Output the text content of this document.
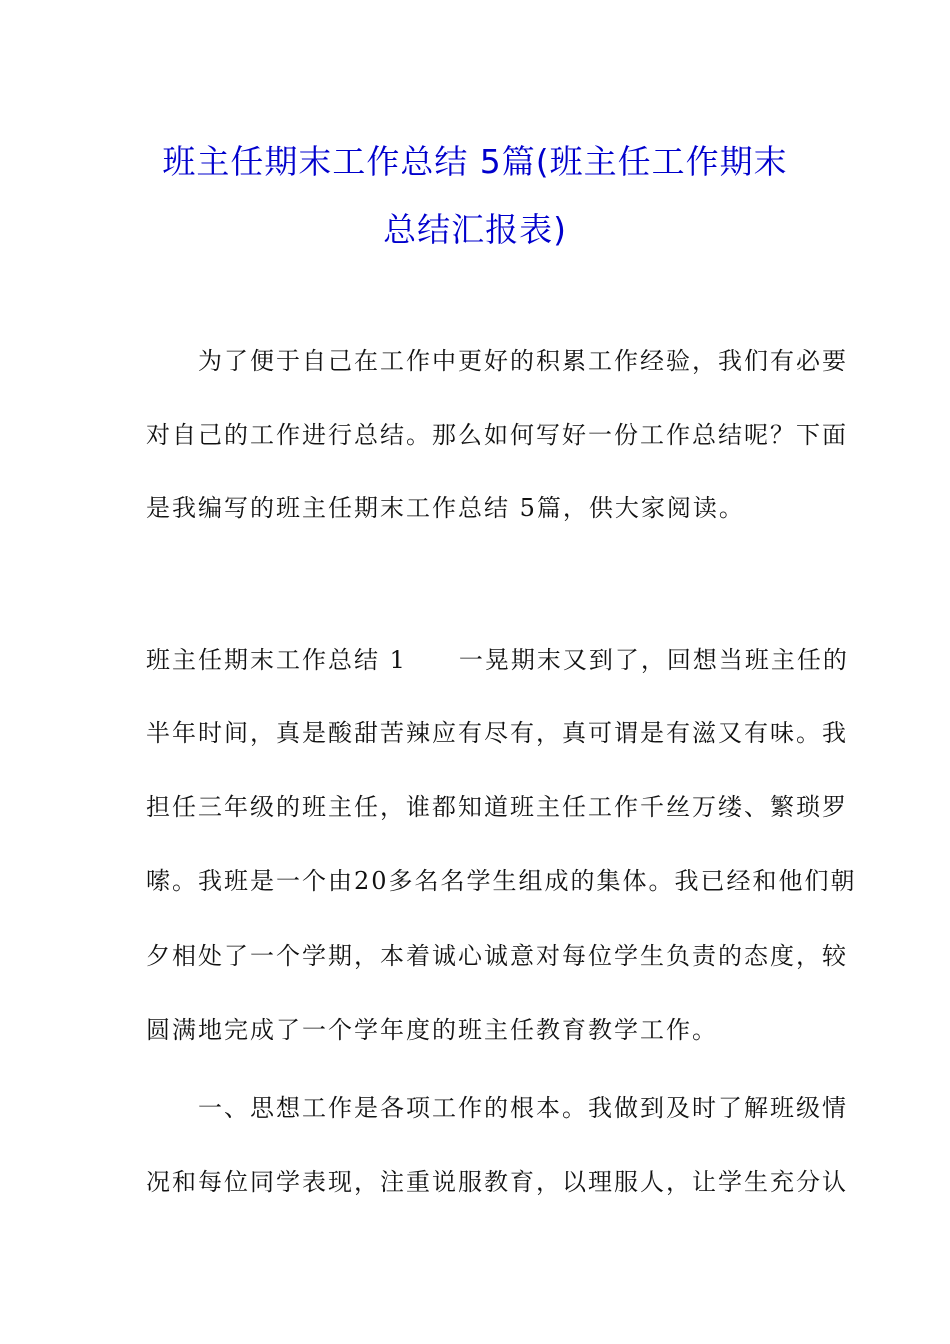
班主任期末工作总结 5篇(班主任工作期末
总结汇报表)
　　为了便于自己在工作中更好的积累工作经验，我们有必要
对自己的工作进行总结。那么如何写好一份工作总结呢？下面
是我编写的班主任期末工作总结 5篇，供大家阅读。
班主任期末工作总结 1　　一晃期末又到了，回想当班主任的
半年时间，真是酸甜苦辣应有尽有，真可谓是有滋又有味。我
担任三年级的班主任，谁都知道班主任工作千丝万缕、繁琐罗
嗦。我班是一个由20多名名学生组成的集体。我已经和他们朝
夕相处了一个学期，本着诚心诚意对每位学生负责的态度，较
圆满地完成了一个学年度的班主任教育教学工作。
　　一、思想工作是各项工作的根本。我做到及时了解班级情
况和每位同学表现，注重说服教育，以理服人，让学生充分认
